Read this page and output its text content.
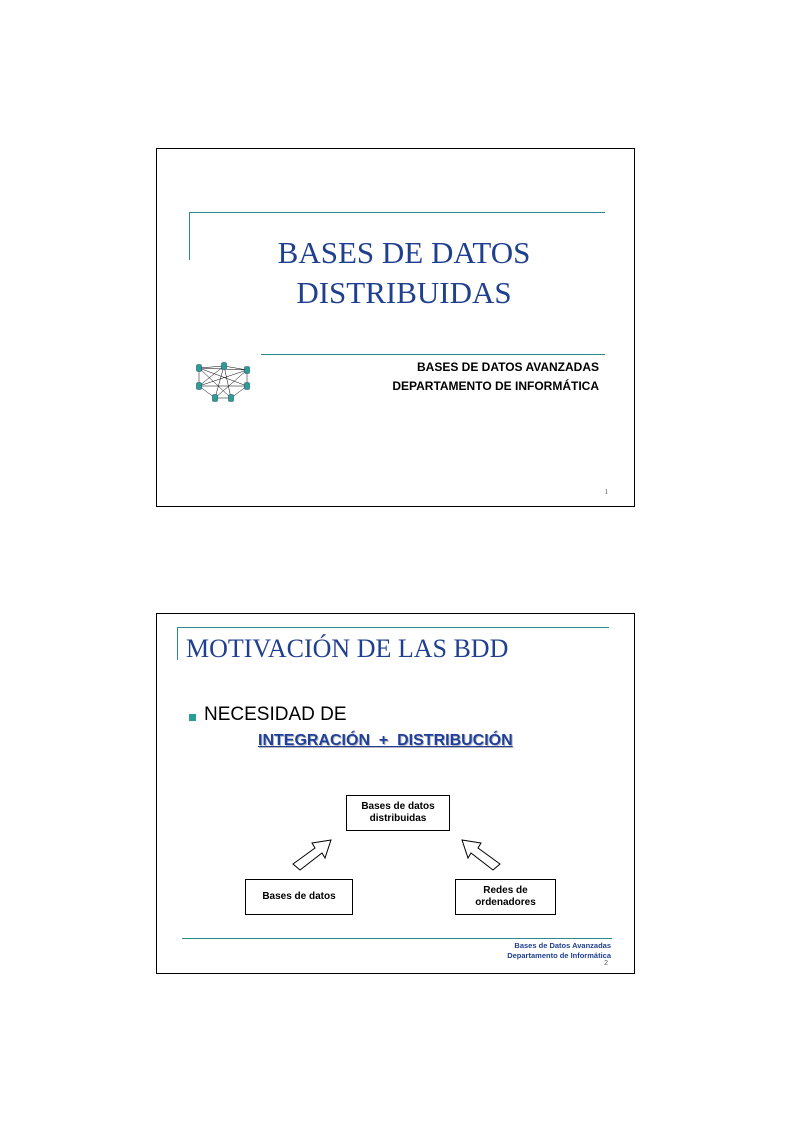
BASES DE DATOS
DISTRIBUIDAS
BASES DE DATOS AVANZADAS
DEPARTAMENTO DE INFORMÁTICA
1
MOTIVACIÓN DE LAS BDD
NECESIDAD DE
INTEGRACIÓN  +  DISTRIBUCIÓN
Bases de datos
distribuidas
Bases de datos
Redes de
ordenadores
Bases de Datos Avanzadas
Departamento de Informática
2
